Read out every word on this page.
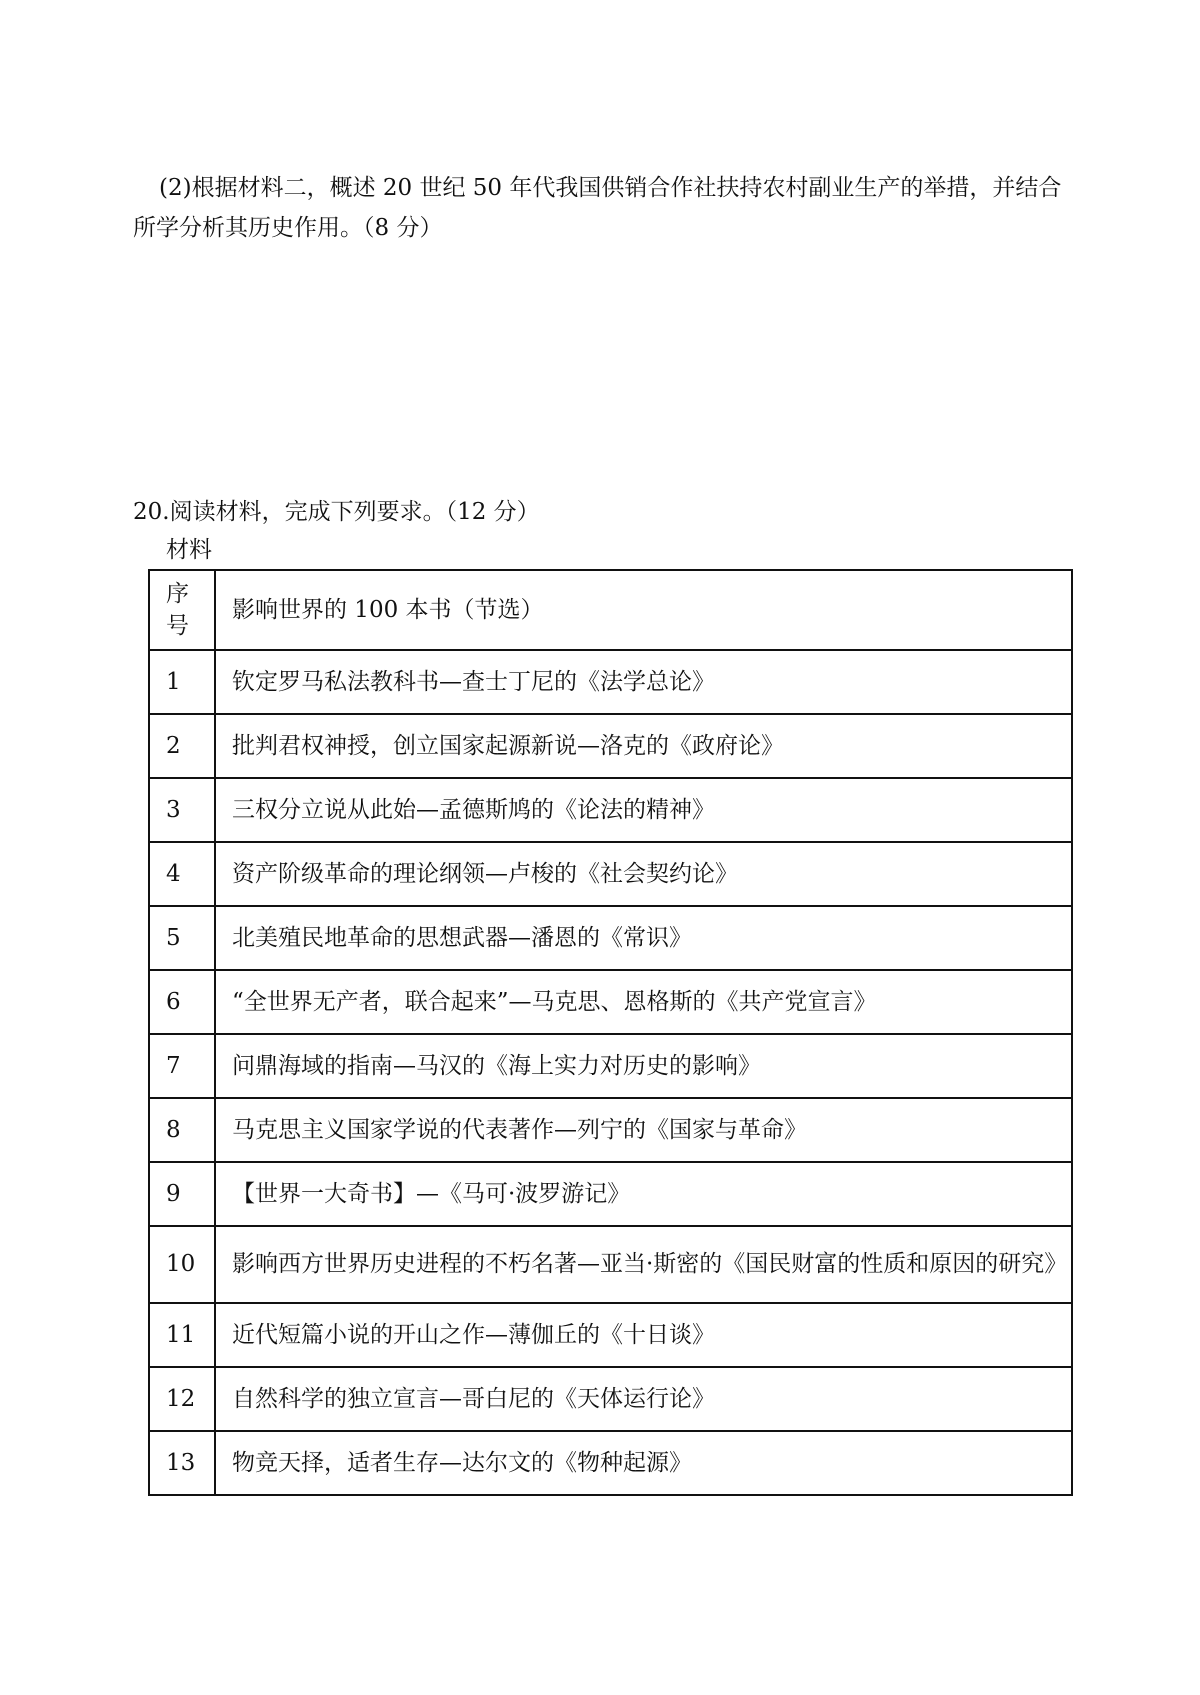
(2)根据材料二，概述 20 世纪 50 年代我国供销合作社扶持农村副业生产的举措，并结合所学分析其历史作用。（8 分）

20.阅读材料，完成下列要求。（12 分）

材料

序号	影响世界的 100 本书（节选）
1	钦定罗马私法教科书—查士丁尼的《法学总论》
2	批判君权神授，创立国家起源新说—洛克的《政府论》
3	三权分立说从此始—孟德斯鸠的《论法的精神》
4	资产阶级革命的理论纲领—卢梭的《社会契约论》
5	北美殖民地革命的思想武器—潘恩的《常识》
6	“全世界无产者，联合起来”—马克思、恩格斯的《共产党宣言》
7	问鼎海域的指南—马汉的《海上实力对历史的影响》
8	马克思主义国家学说的代表著作—列宁的《国家与革命》
9	【世界一大奇书】—《马可·波罗游记》
10	影响西方世界历史进程的不朽名著—亚当·斯密的《国民财富的性质和原因的研究》
11	近代短篇小说的开山之作—薄伽丘的《十日谈》
12	自然科学的独立宣言—哥白尼的《天体运行论》
13	物竞天择，适者生存—达尔文的《物种起源》
